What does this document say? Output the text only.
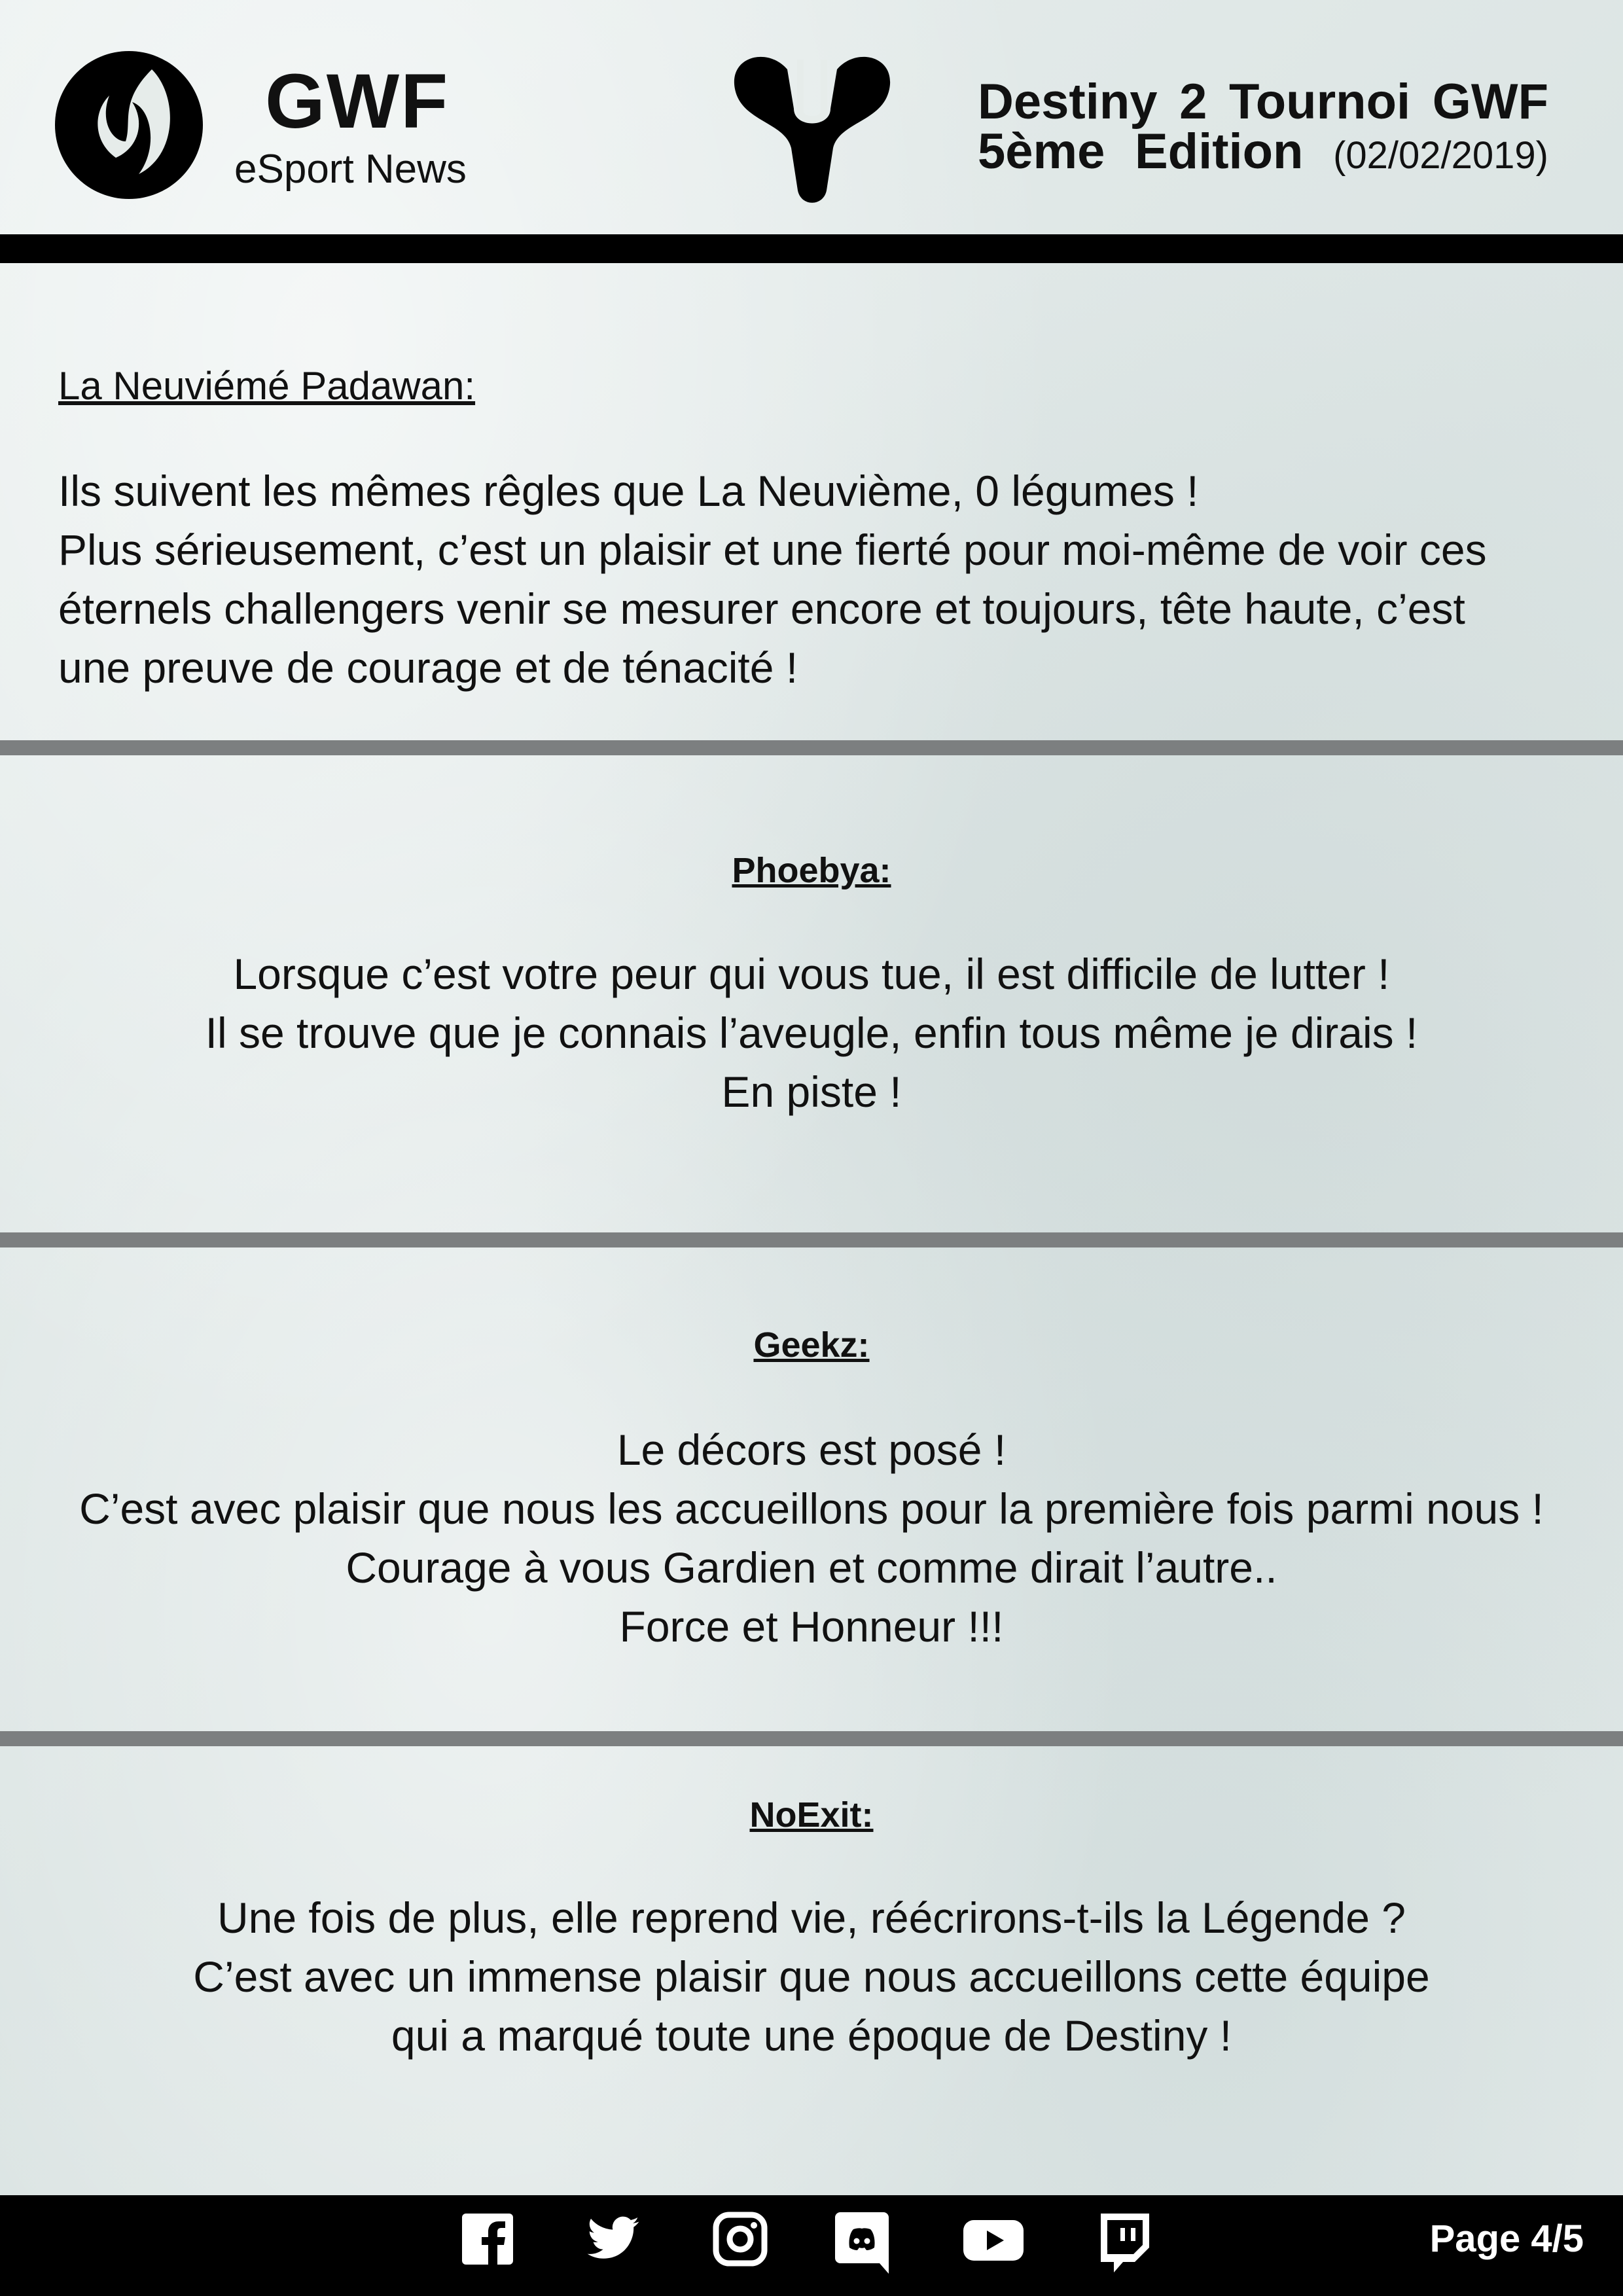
GWF
eSport News
Destiny 2 Tournoi GWF
5ème Edition (02/02/2019)
La Neuviémé Padawan:
Ils suivent les mêmes rêgles que La Neuvième, 0 légumes !
Plus sérieusement, c’est un plaisir et une fierté pour moi-même de voir ces
éternels challengers venir se mesurer encore et toujours, tête haute, c’est
une preuve de courage et de ténacité !
Phoebya:
Lorsque c’est votre peur qui vous tue, il est difficile de lutter !
Il se trouve que je connais l’aveugle, enfin tous même je dirais !
En piste !
Geekz:
Le décors est posé !
C’est avec plaisir que nous les accueillons pour la première fois parmi nous !
Courage à vous Gardien et comme dirait l’autre..
Force et Honneur !!!
NoExit:
Une fois de plus, elle reprend vie, réécrirons-t-ils la Légende ?
C’est avec un immense plaisir que nous accueillons cette équipe
qui a marqué toute une époque de Destiny !
Page 4/5
